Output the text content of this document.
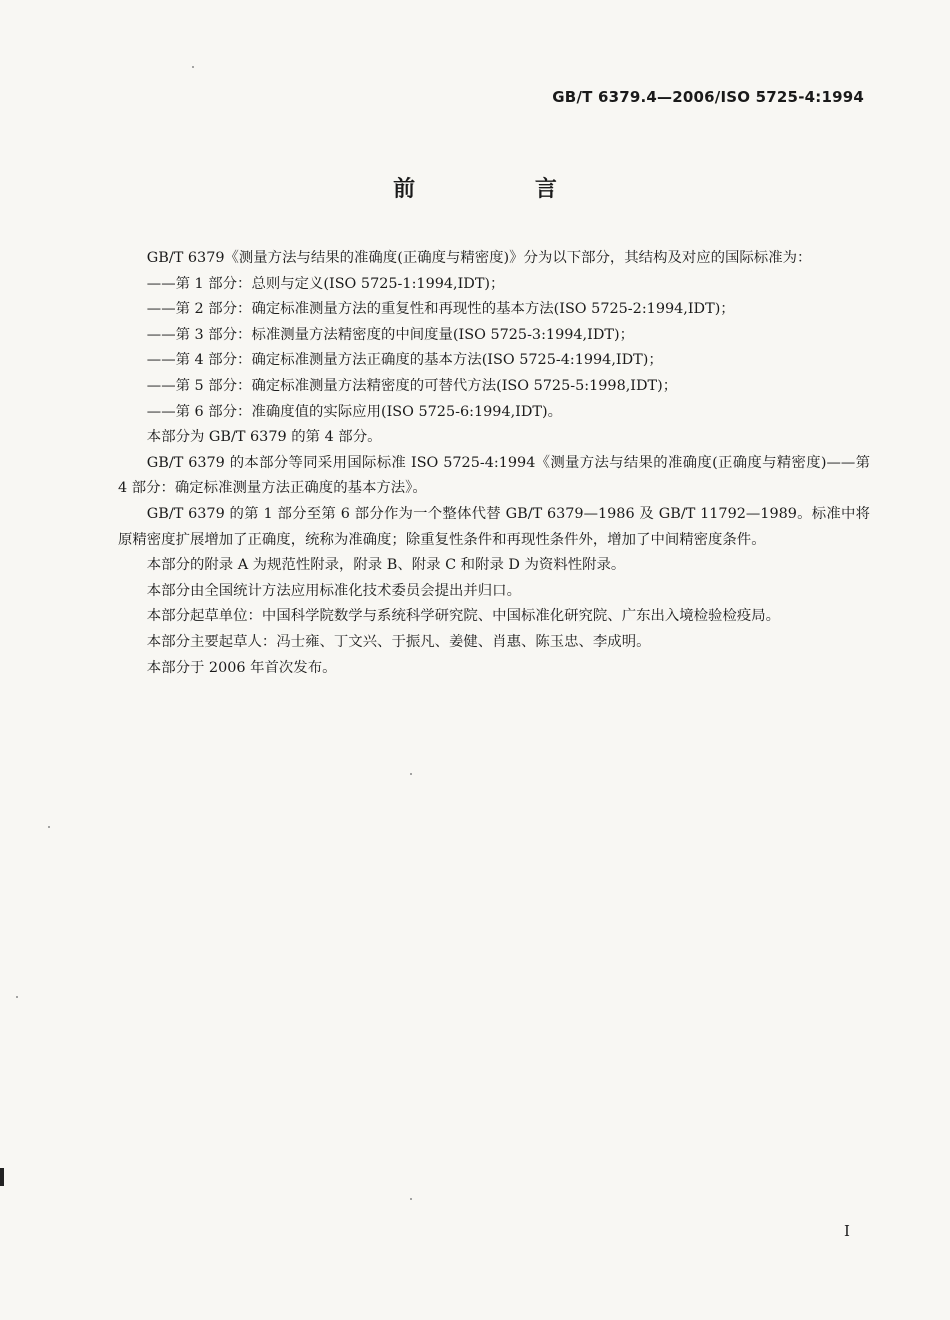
GB/T 6379.4—2006/ISO 5725-4:1994
前 言

GB/T 6379《测量方法与结果的准确度(正确度与精密度)》分为以下部分，其结构及对应的国际标准为：

——第 1 部分：总则与定义(ISO 5725-1:1994,IDT)；

——第 2 部分：确定标准测量方法的重复性和再现性的基本方法(ISO 5725-2:1994,IDT)；

——第 3 部分：标准测量方法精密度的中间度量(ISO 5725-3:1994,IDT)；

——第 4 部分：确定标准测量方法正确度的基本方法(ISO 5725-4:1994,IDT)；

——第 5 部分：确定标准测量方法精密度的可替代方法(ISO 5725-5:1998,IDT)；

——第 6 部分：准确度值的实际应用(ISO 5725-6:1994,IDT)。

本部分为 GB/T 6379 的第 4 部分。

GB/T 6379 的本部分等同采用国际标准 ISO 5725-4:1994《测量方法与结果的准确度(正确度与精密度)——第 4 部分：确定标准测量方法正确度的基本方法》。

GB/T 6379 的第 1 部分至第 6 部分作为一个整体代替 GB/T 6379—1986 及 GB/T 11792—1989。标准中将原精密度扩展增加了正确度，统称为准确度；除重复性条件和再现性条件外，增加了中间精密度条件。

本部分的附录 A 为规范性附录，附录 B、附录 C 和附录 D 为资料性附录。

本部分由全国统计方法应用标准化技术委员会提出并归口。

本部分起草单位：中国科学院数学与系统科学研究院、中国标准化研究院、广东出入境检验检疫局。

本部分主要起草人：冯士雍、丁文兴、于振凡、姜健、肖惠、陈玉忠、李成明。

本部分于 2006 年首次发布。

I
